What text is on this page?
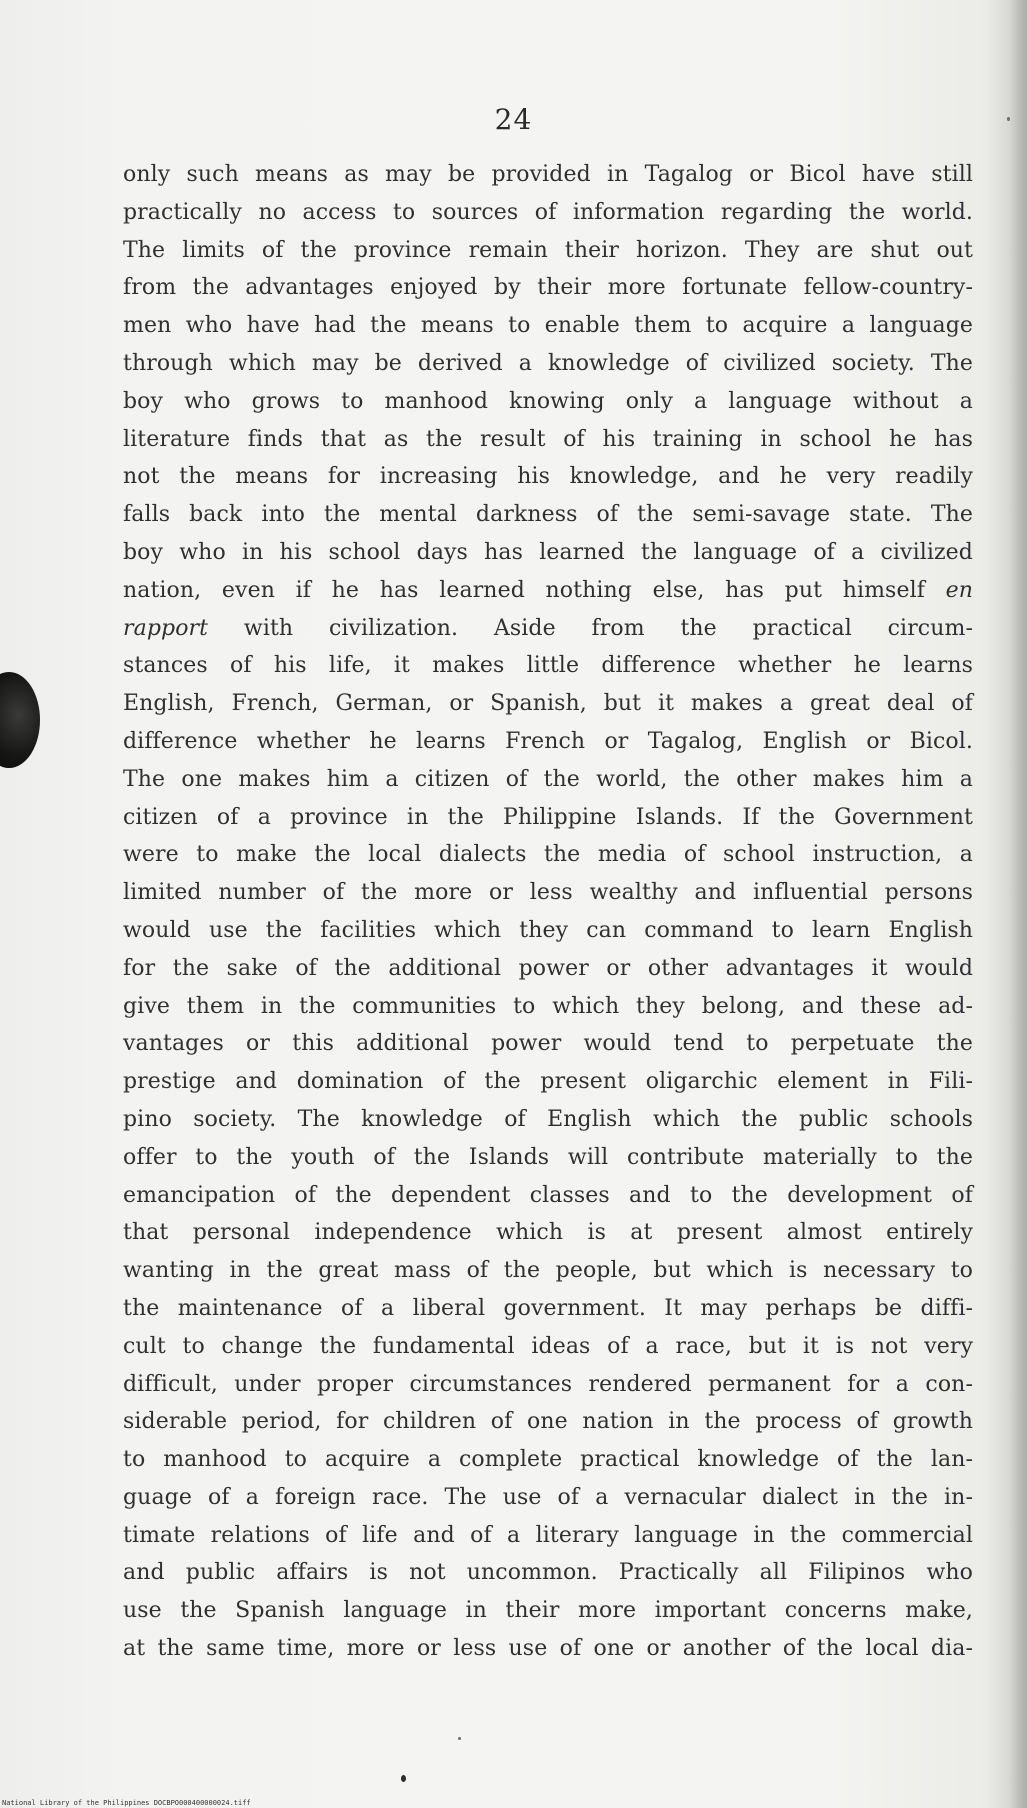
24
only such means as may be provided in Tagalog or Bicol have still
practically no access to sources of information regarding the world.
The limits of the province remain their horizon. They are shut out
from the advantages enjoyed by their more fortunate fellow-country-
men who have had the means to enable them to acquire a language
through which may be derived a knowledge of civilized society. The
boy who grows to manhood knowing only a language without a
literature finds that as the result of his training in school he has
not the means for increasing his knowledge, and he very readily
falls back into the mental darkness of the semi-savage state. The
boy who in his school days has learned the language of a civilized
nation, even if he has learned nothing else, has put himself en
rapport with civilization. Aside from the practical circum-
stances of his life, it makes little difference whether he learns
English, French, German, or Spanish, but it makes a great deal of
difference whether he learns French or Tagalog, English or Bicol.
The one makes him a citizen of the world, the other makes him a
citizen of a province in the Philippine Islands. If the Government
were to make the local dialects the media of school instruction, a
limited number of the more or less wealthy and influential persons
would use the facilities which they can command to learn English
for the sake of the additional power or other advantages it would
give them in the communities to which they belong, and these ad-
vantages or this additional power would tend to perpetuate the
prestige and domination of the present oligarchic element in Fili-
pino society. The knowledge of English which the public schools
offer to the youth of the Islands will contribute materially to the
emancipation of the dependent classes and to the development of
that personal independence which is at present almost entirely
wanting in the great mass of the people, but which is necessary to
the maintenance of a liberal government. It may perhaps be diffi-
cult to change the fundamental ideas of a race, but it is not very
difficult, under proper circumstances rendered permanent for a con-
siderable period, for children of one nation in the process of growth
to manhood to acquire a complete practical knowledge of the lan-
guage of a foreign race. The use of a vernacular dialect in the in-
timate relations of life and of a literary language in the commercial
and public affairs is not uncommon. Practically all Filipinos who
use the Spanish language in their more important concerns make,
at the same time, more or less use of one or another of the local dia-
National Library of the Philippines DOCBPO000400000024.tiff
